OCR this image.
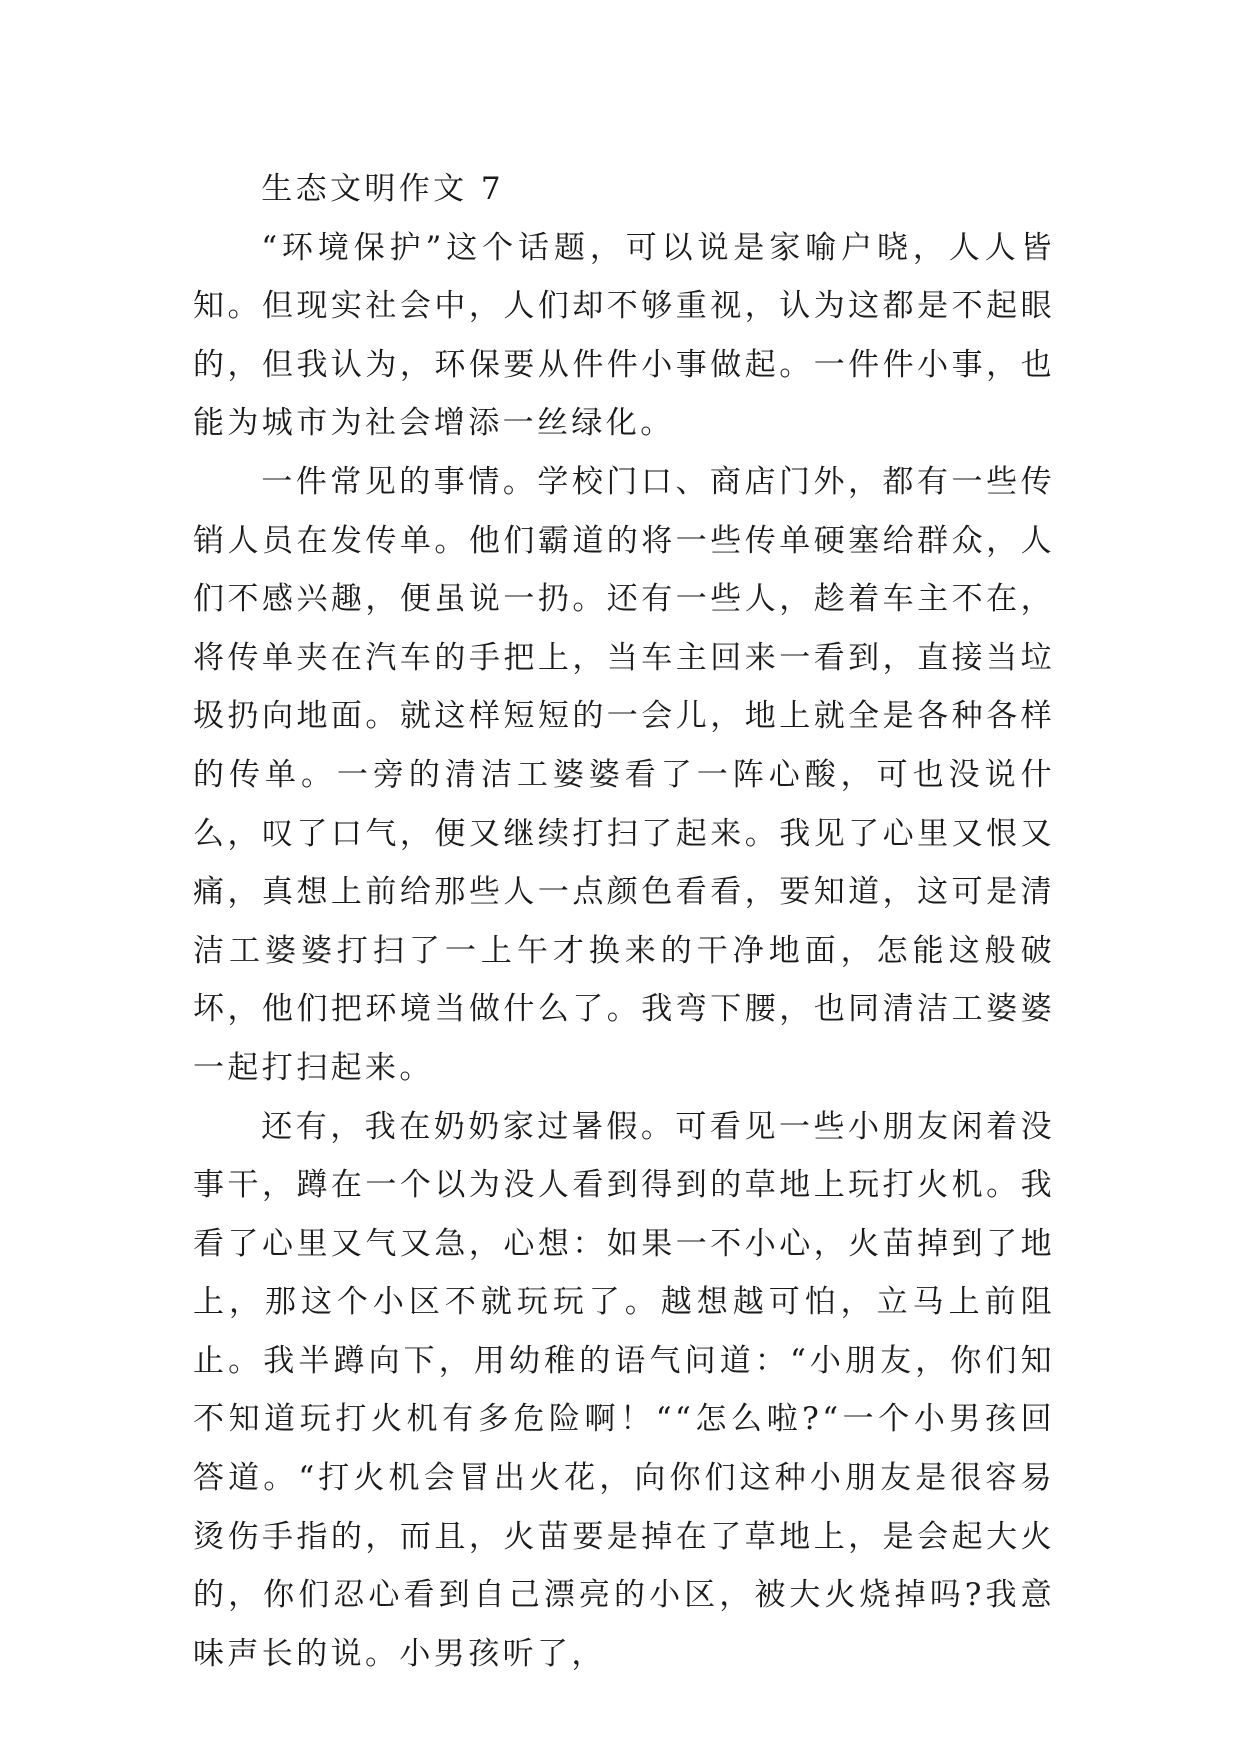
生态文明作文 7

“环境保护”这个话题，可以说是家喻户晓，人人皆知。但现实社会中，人们却不够重视，认为这都是不起眼的，但我认为，环保要从件件小事做起。一件件小事，也能为城市为社会增添一丝绿化。

一件常见的事情。学校门口、商店门外，都有一些传销人员在发传单。他们霸道的将一些传单硬塞给群众，人们不感兴趣，便虽说一扔。还有一些人，趁着车主不在，将传单夹在汽车的手把上，当车主回来一看到，直接当垃圾扔向地面。就这样短短的一会儿，地上就全是各种各样的传单。一旁的清洁工婆婆看了一阵心酸，可也没说什么，叹了口气，便又继续打扫了起来。我见了心里又恨又痛，真想上前给那些人一点颜色看看，要知道，这可是清洁工婆婆打扫了一上午才换来的干净地面，怎能这般破坏，他们把环境当做什么了。我弯下腰，也同清洁工婆婆一起打扫起来。

还有，我在奶奶家过暑假。可看见一些小朋友闲着没事干，蹲在一个以为没人看到得到的草地上玩打火机。我看了心里又气又急，心想：如果一不小心，火苗掉到了地上，那这个小区不就玩玩了。越想越可怕，立马上前阻止。我半蹲向下，用幼稚的语气问道：“小朋友，你们知不知道玩打火机有多危险啊！““怎么啦?“一个小男孩回答道。“打火机会冒出火花，向你们这种小朋友是很容易烫伤手指的，而且，火苗要是掉在了草地上，是会起大火的，你们忍心看到自己漂亮的小区，被大火烧掉吗?我意味声长的说。小男孩听了，
